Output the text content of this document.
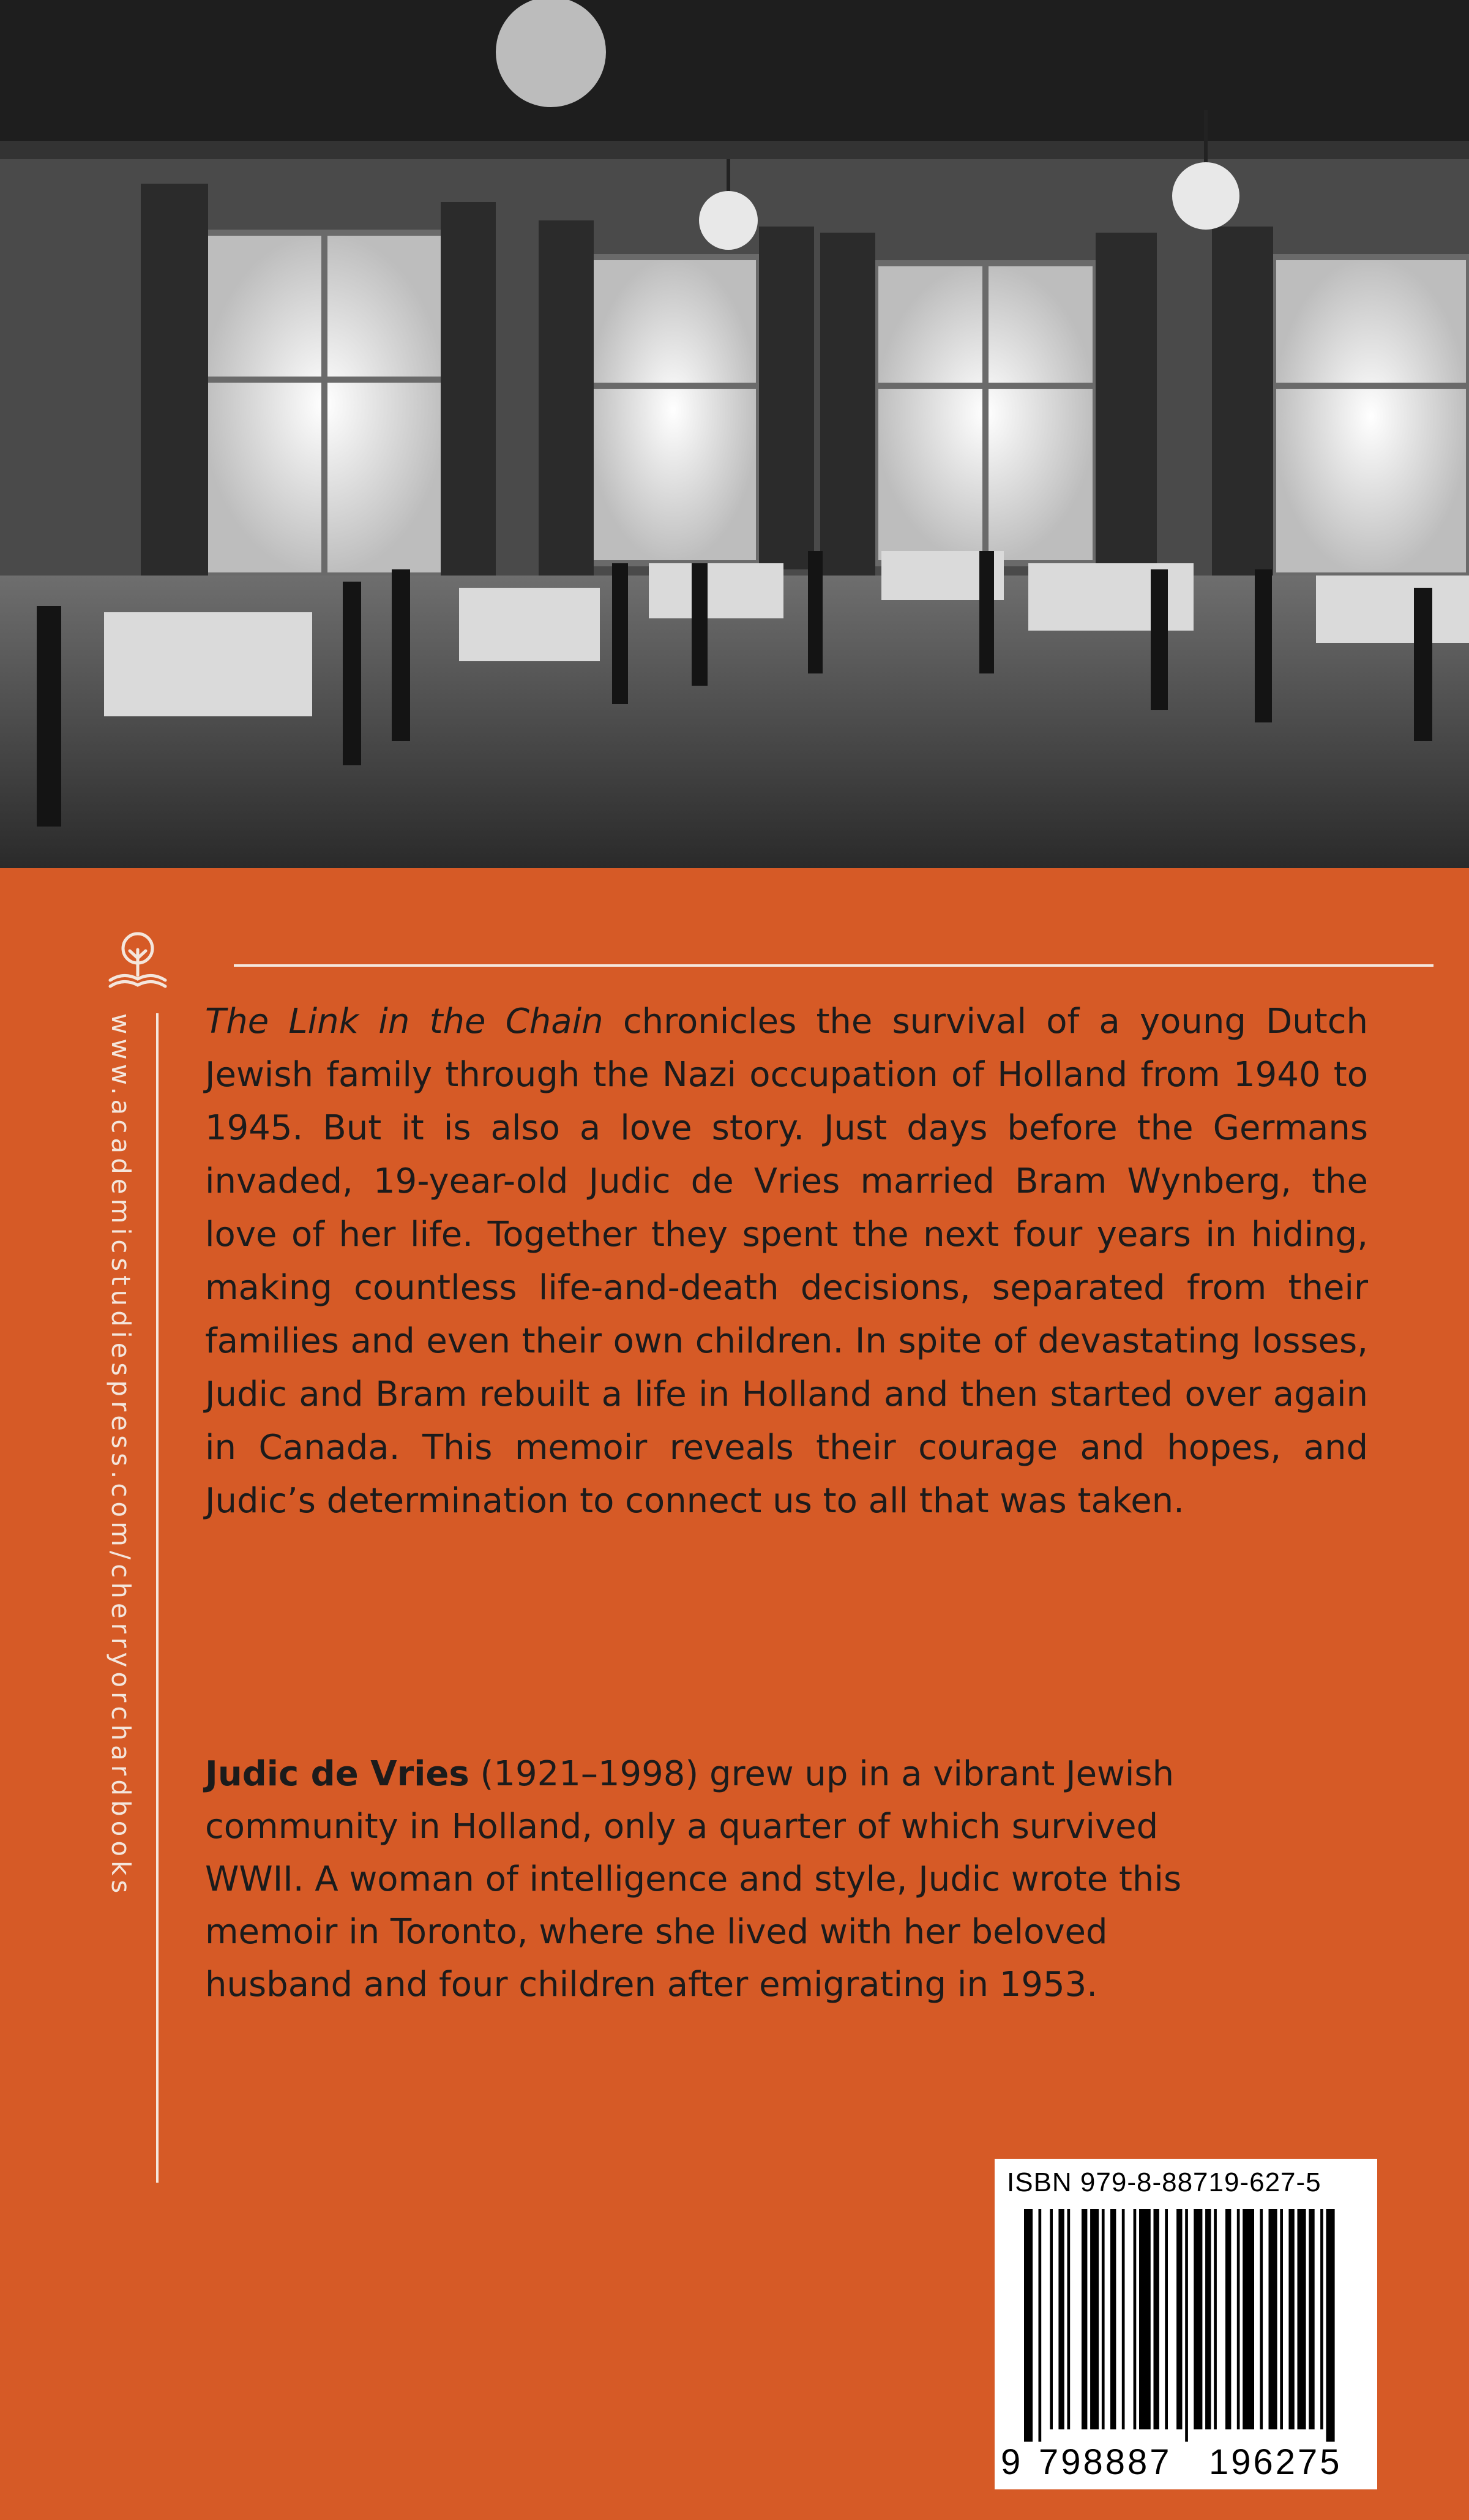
www.academicstudiespress.com/cherryorchardbooks The Link in the Chain chronicles the survival of a young Dutch Jewish family through the Nazi occupation of Holland from 1940 to 1945. But it is also a love story. Just days before the Germans invaded, 19-year-old Judic de Vries married Bram Wynberg, the love of her life. Together they spent the next four years in hiding, making countless life-and-death decisions, separated from their families and even their own children. In spite of devastating losses, Judic and Bram rebuilt a life in Holland and then started over again in Canada. This memoir reveals their courage and hopes, and Judic’s determination to connect us to all that was taken.

Judic de Vries (1921–1998) grew up in a vibrant Jewish community in Holland, only a quarter of which survived WWII. A woman of intelligence and style, Judic wrote this memoir in Toronto, where she lived with her beloved husband and four children after emigrating in 1953.

ISBN 979-8-88719-627-5
9 798887 196275
